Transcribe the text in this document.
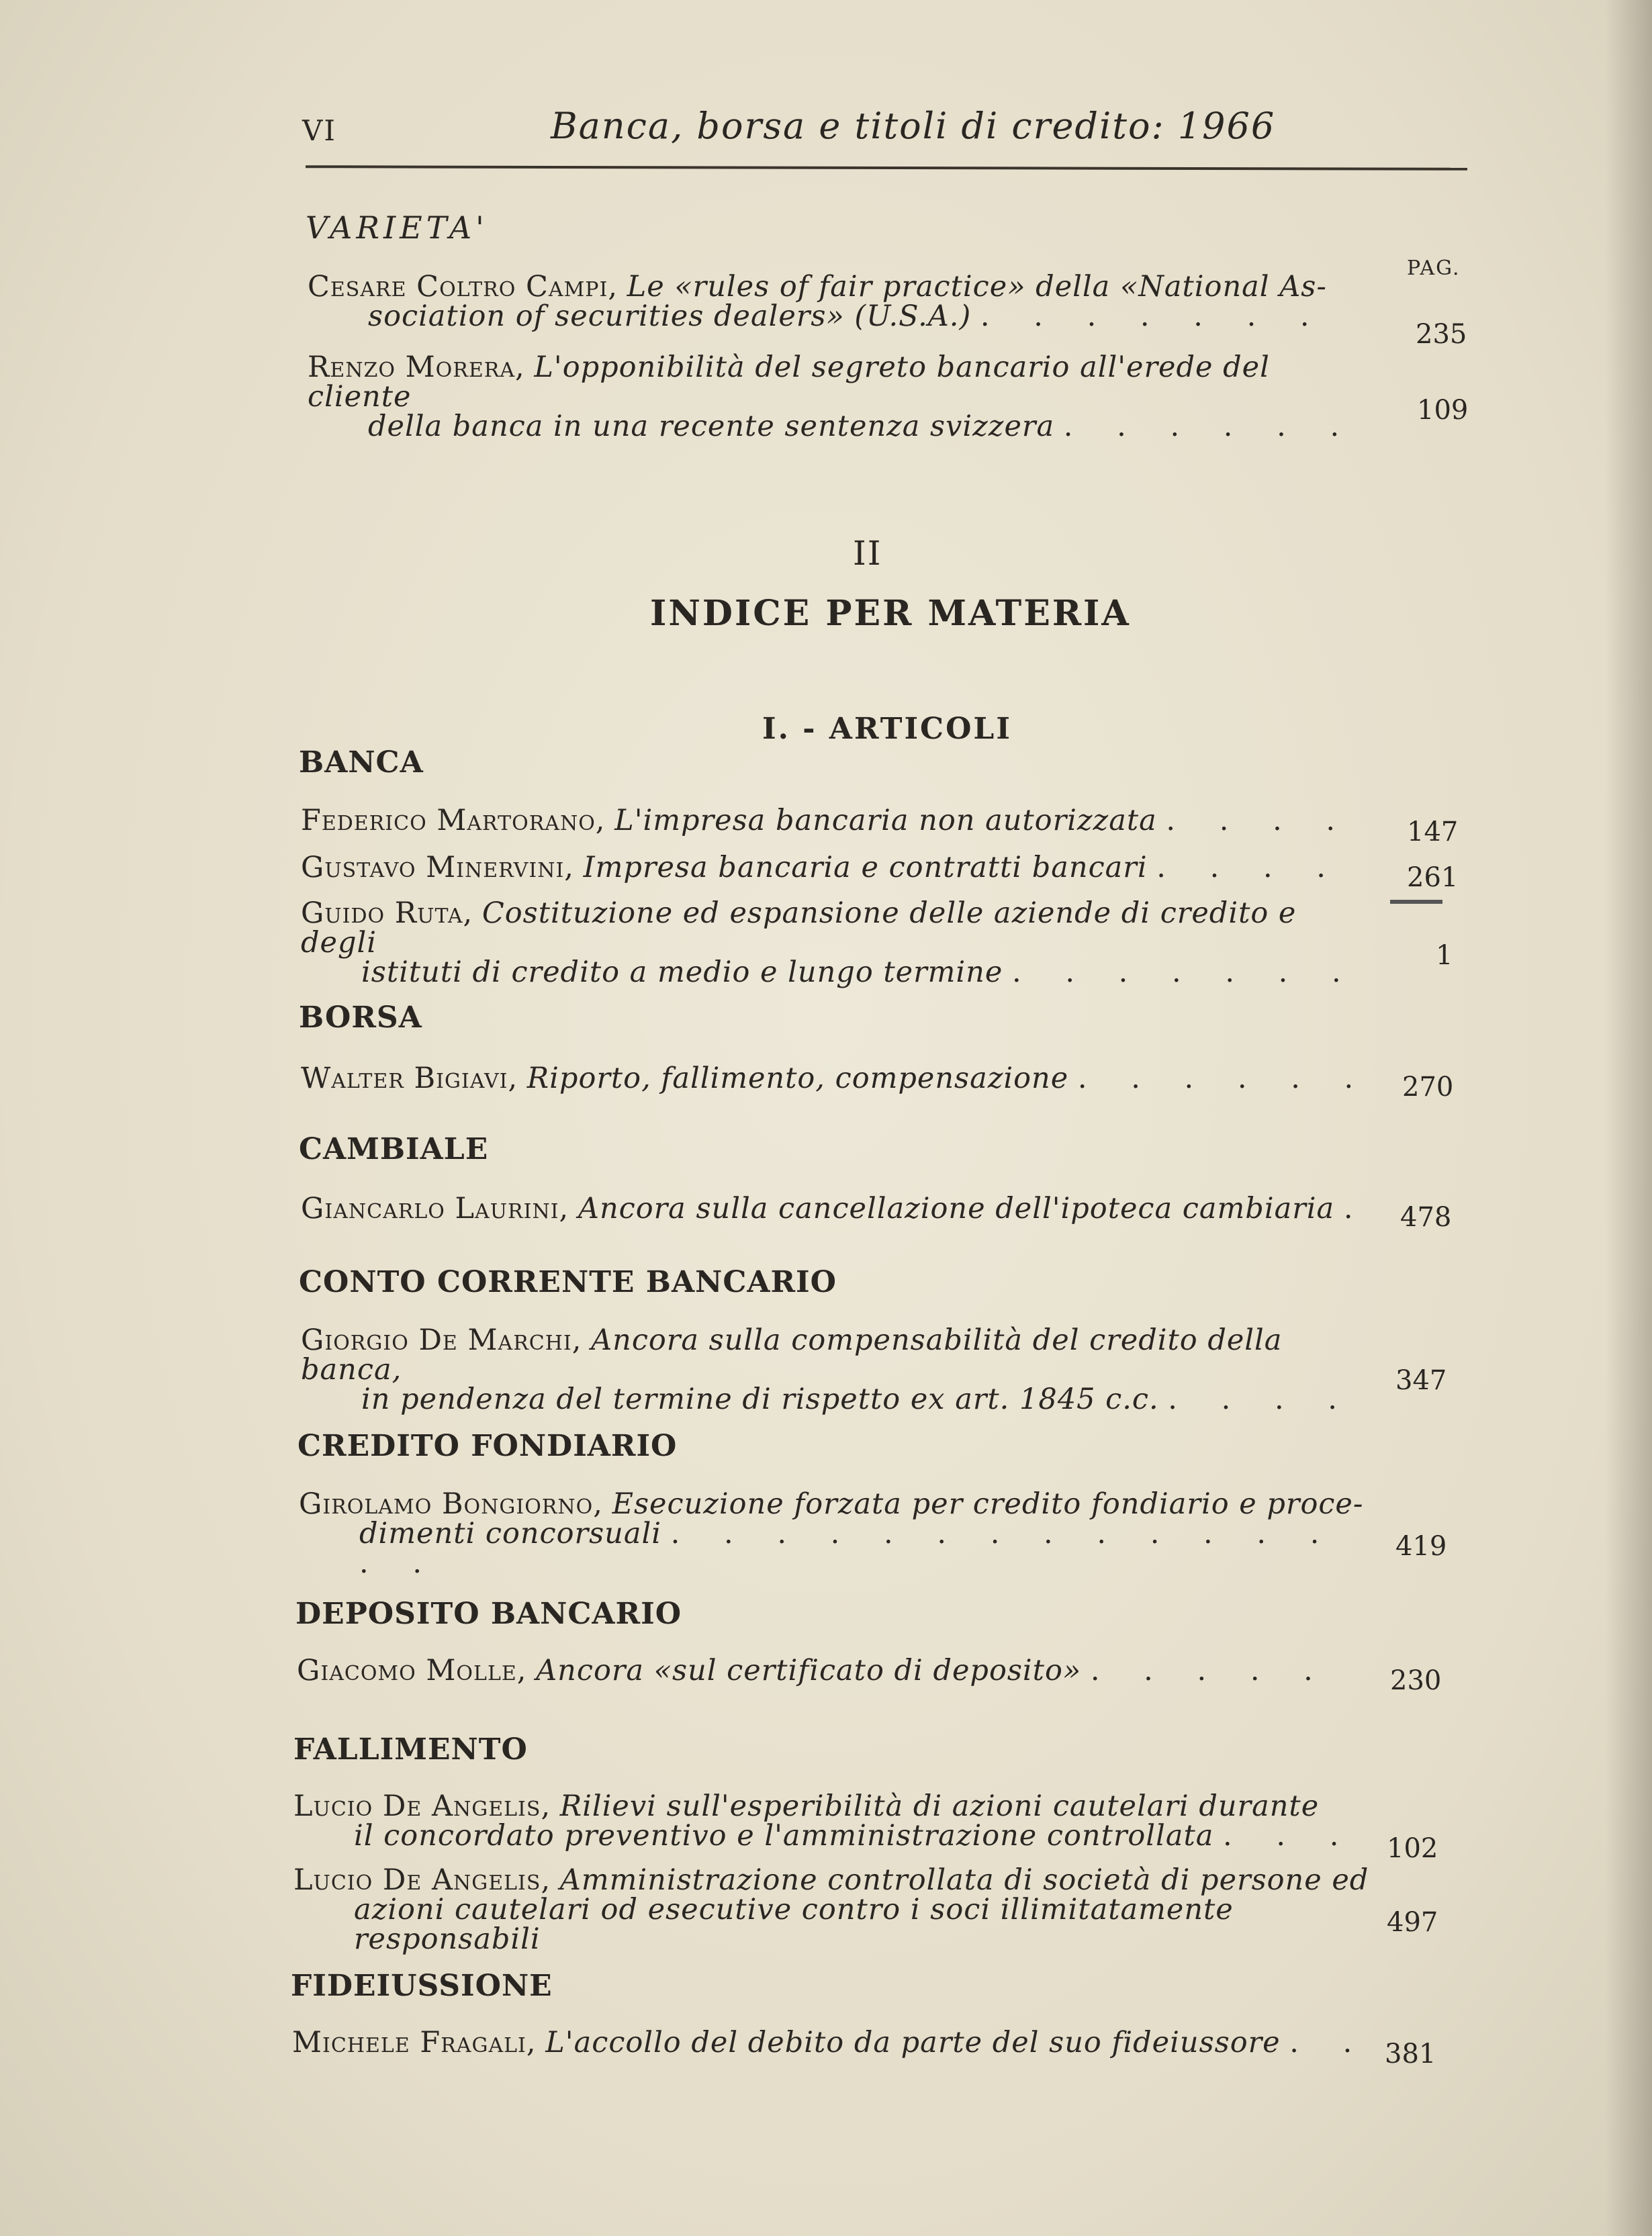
VI	Banca, borsa e titoli di credito: 1966
VARIETA'
PAG.
Cesare Coltro Campi, Le «rules of fair practice» della «National As-
sociation of securities dealers» (U.S.A.) . . . . . . .
235
Renzo Morera, L'opponibilità del segreto bancario all'erede del cliente
della banca in una recente sentenza svizzera . . . . . .	109
II
INDICE PER MATERIA
I. - ARTICOLI
BANCA
Federico Martorano, L'impresa bancaria non autorizzata . . . .	147
Gustavo Minervini, Impresa bancaria e contratti bancari . . . .	261
Guido Ruta, Costituzione ed espansione delle aziende di credito e degli
istituti di credito a medio e lungo termine . . . . . . .	1
BORSA
Walter Bigiavi, Riporto, fallimento, compensazione . . . . . . 270
CAMBIALE
Giancarlo Laurini, Ancora sulla cancellazione dell'ipoteca cambiaria .	478
CONTO CORRENTE BANCARIO
Giorgio De Marchi, Ancora sulla compensabilità del credito della banca,
in pendenza del termine di rispetto ex art. 1845 c.c. . . . .
347
CREDITO FONDIARIO
Girolamo Bongiorno, Esecuzione forzata per credito fondiario e proce-
dimenti concorsuali . . . . . . . . . . . . . . .	419
DEPOSITO BANCARIO
Giacomo Molle, Ancora «sul certificato di deposito» . . . . .	230
FALLIMENTO
Lucio De Angelis, Rilievi sull'esperibilità di azioni cautelari durante
il concordato preventivo e l'amministrazione controllata . . .	102
Lucio De Angelis, Amministrazione controllata di società di persone ed
azioni cautelari od esecutive contro i soci illimitatamente responsabili	497
FIDEIUSSIONE
Michele Fragali, L'accollo del debito da parte del suo fideiussore . . 381
